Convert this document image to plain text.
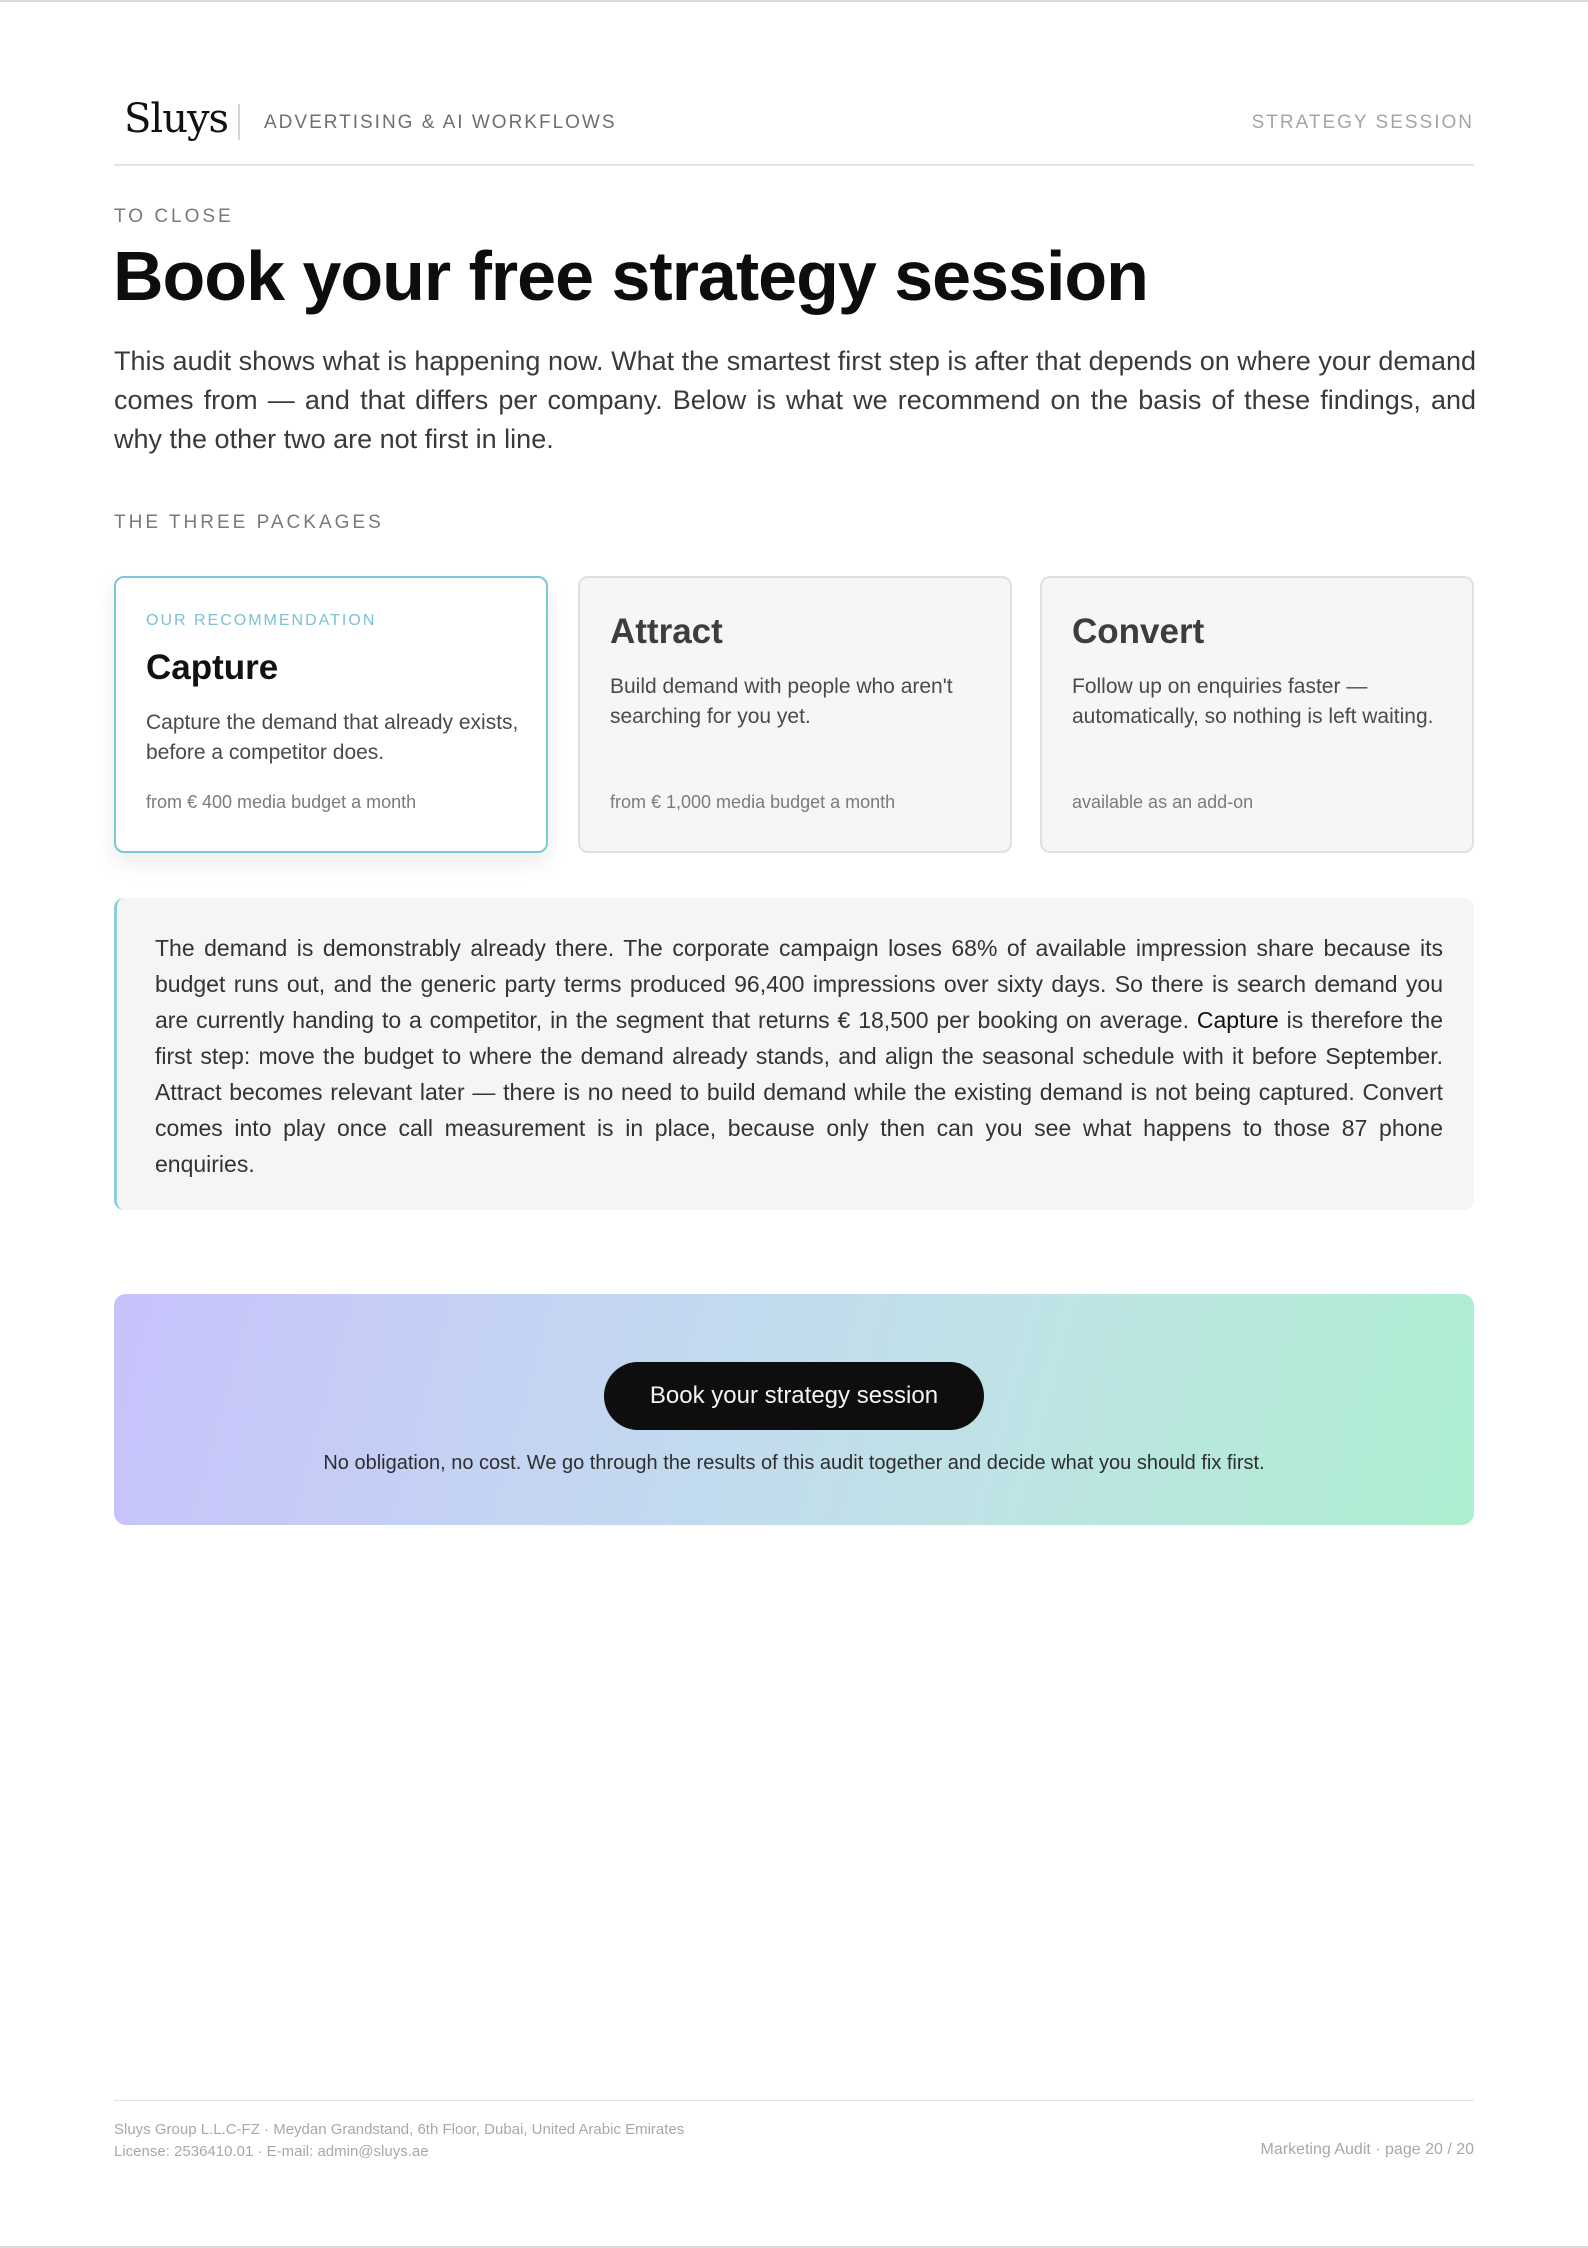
Sluys ADVERTISING & AI WORKFLOWS	STRATEGY SESSION
TO CLOSE
Book your free strategy session

This audit shows what is happening now. What the smartest first step is after that depends on where your demand comes from — and that differs per company. Below is what we recommend on the basis of these findings, and why the other two are not first in line.

THE THREE PACKAGES
OUR RECOMMENDATION
Capture
Capture the demand that already exists, before a competitor does.
from € 400 media budget a month
Attract
Build demand with people who aren't searching for you yet.
from € 1,000 media budget a month
Convert
Follow up on enquiries faster — automatically, so nothing is left waiting.
available as an add-on

The demand is demonstrably already there. The corporate campaign loses 68% of available impression share because its budget runs out, and the generic party terms produced 96,400 impressions over sixty days. So there is search demand you are currently handing to a competitor, in the segment that returns € 18,500 per booking on average. Capture is therefore the first step: move the budget to where the demand already stands, and align the seasonal schedule with it before September. Attract becomes relevant later — there is no need to build demand while the existing demand is not being captured. Convert comes into play once call measurement is in place, because only then can you see what happens to those 87 phone enquiries.

Book your strategy session
No obligation, no cost. We go through the results of this audit together and decide what you should fix first.
Sluys Group L.L.C-FZ · Meydan Grandstand, 6th Floor, Dubai, United Arabic Emirates
License: 2536410.01 · E-mail: admin@sluys.ae	Marketing Audit · page 20 / 20
